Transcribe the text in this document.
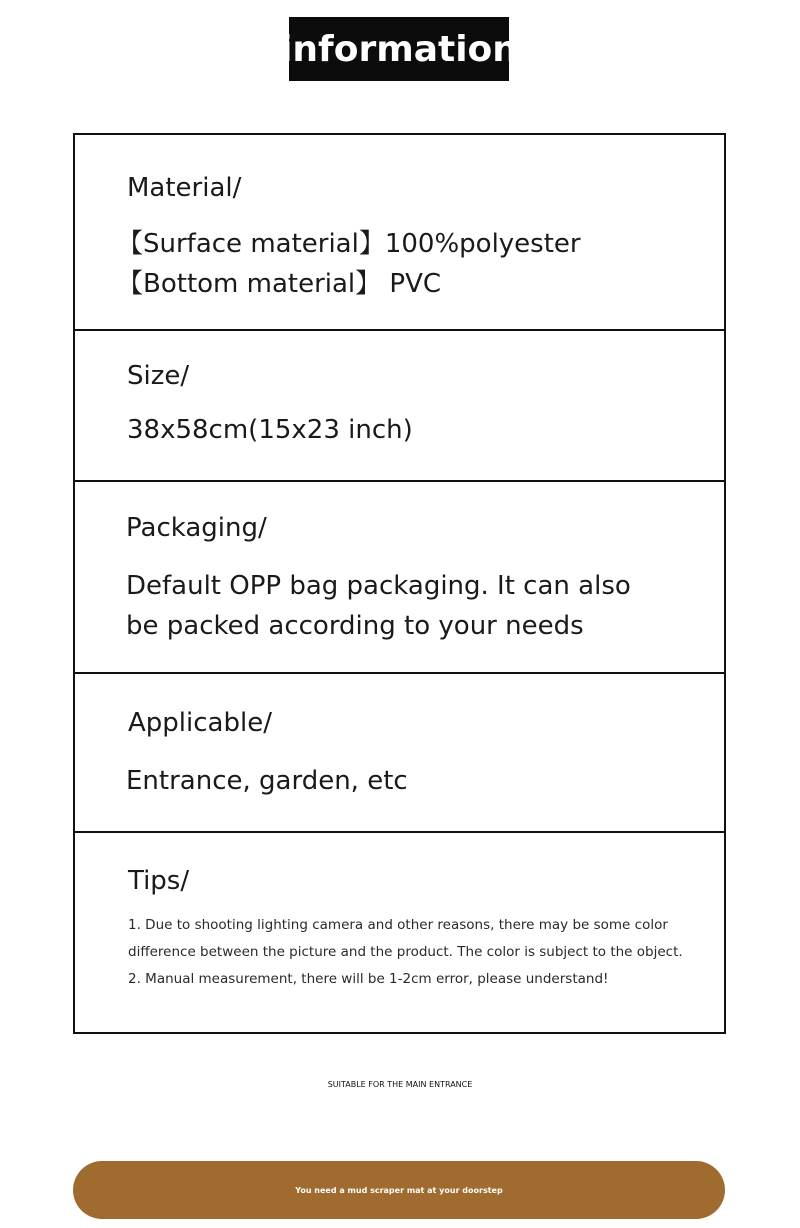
information
Material/
【Surface material】100%polyester
【Bottom material】 PVC
Size/
38x58cm(15x23 inch)
Packaging/
Default OPP bag packaging. It can also
be packed according to your needs
Applicable/
Entrance, garden, etc
Tips/
1. Due to shooting lighting camera and other reasons, there may be some color
difference between the picture and the product. The color is subject to the object.
2. Manual measurement, there will be 1-2cm error, please understand!
SUITABLE FOR THE MAIN ENTRANCE
You need a mud scraper mat at your doorstep
